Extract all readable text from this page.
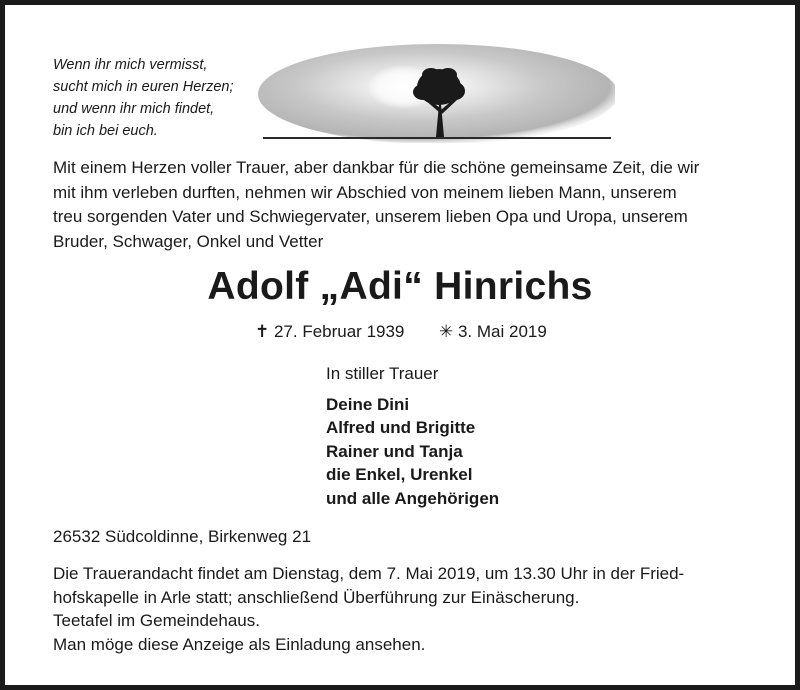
Wenn ihr mich vermisst,
sucht mich in euren Herzen;
und wenn ihr mich findet,
bin ich bei euch.
Mit einem Herzen voller Trauer, aber dankbar für die schöne gemeinsame Zeit, die wir
mit ihm verleben durften, nehmen wir Abschied von meinem lieben Mann, unserem
treu sorgenden Vater und Schwiegervater, unserem lieben Opa und Uropa, unserem
Bruder, Schwager, Onkel und Vetter
Adolf „Adi“ Hinrichs
✝ 27. Februar 1939 ✳ 3. Mai 2019
In stiller Trauer
Deine Dini
Alfred und Brigitte
Rainer und Tanja
die Enkel, Urenkel
und alle Angehörigen
26532 Südcoldinne, Birkenweg 21
Die Trauerandacht findet am Dienstag, dem 7. Mai 2019, um 13.30 Uhr in der Fried-
hofskapelle in Arle statt; anschließend Überführung zur Einäscherung.
Teetafel im Gemeindehaus.
Man möge diese Anzeige als Einladung ansehen.
